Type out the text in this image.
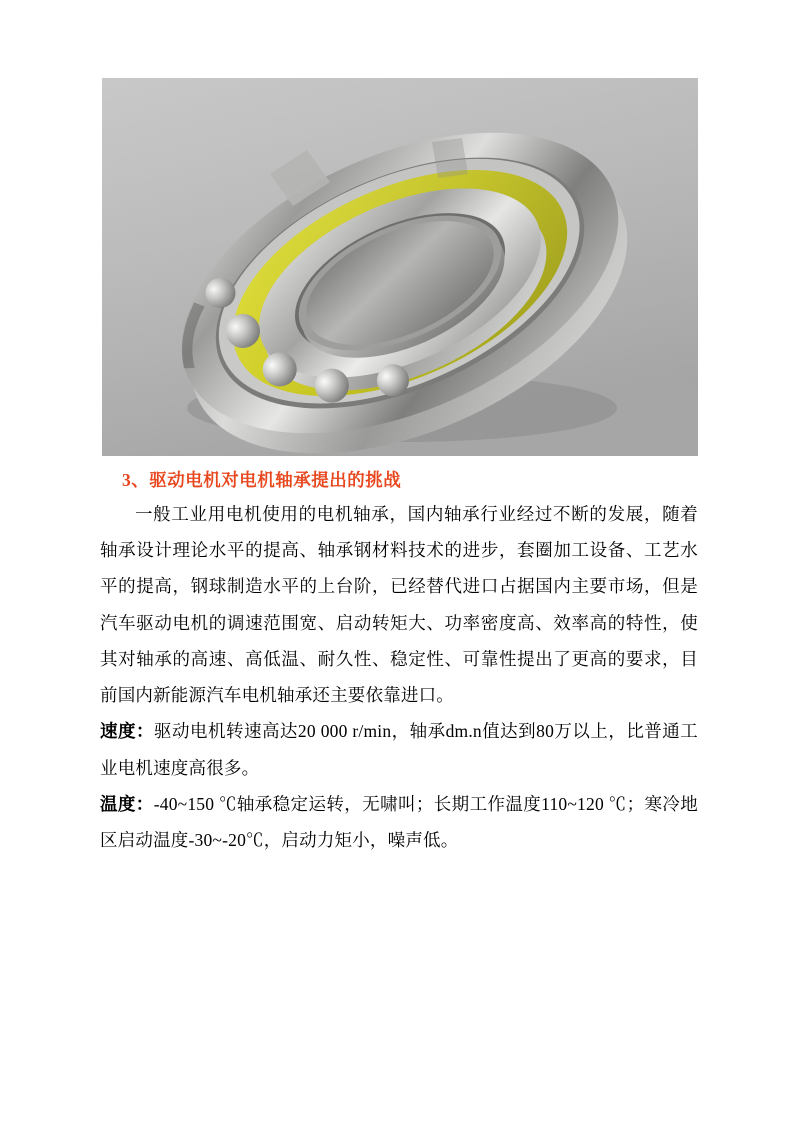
3、驱动电机对电机轴承提出的挑战

一般工业用电机使用的电机轴承，国内轴承行业经过不断的发展，随着轴承设计理论水平的提高、轴承钢材料技术的进步，套圈加工设备、工艺水平的提高，钢球制造水平的上台阶，已经替代进口占据国内主要市场，但是汽车驱动电机的调速范围宽、启动转矩大、功率密度高、效率高的特性，使其对轴承的高速、高低温、耐久性、稳定性、可靠性提出了更高的要求，目前国内新能源汽车电机轴承还主要依靠进口。

速度：驱动电机转速高达20 000 r/min，轴承dm.n值达到80万以上，比普通工业电机速度高很多。

温度：-40~150 ℃轴承稳定运转，无啸叫；长期工作温度110~120 ℃；寒冷地区启动温度-30~-20℃，启动力矩小，噪声低。
